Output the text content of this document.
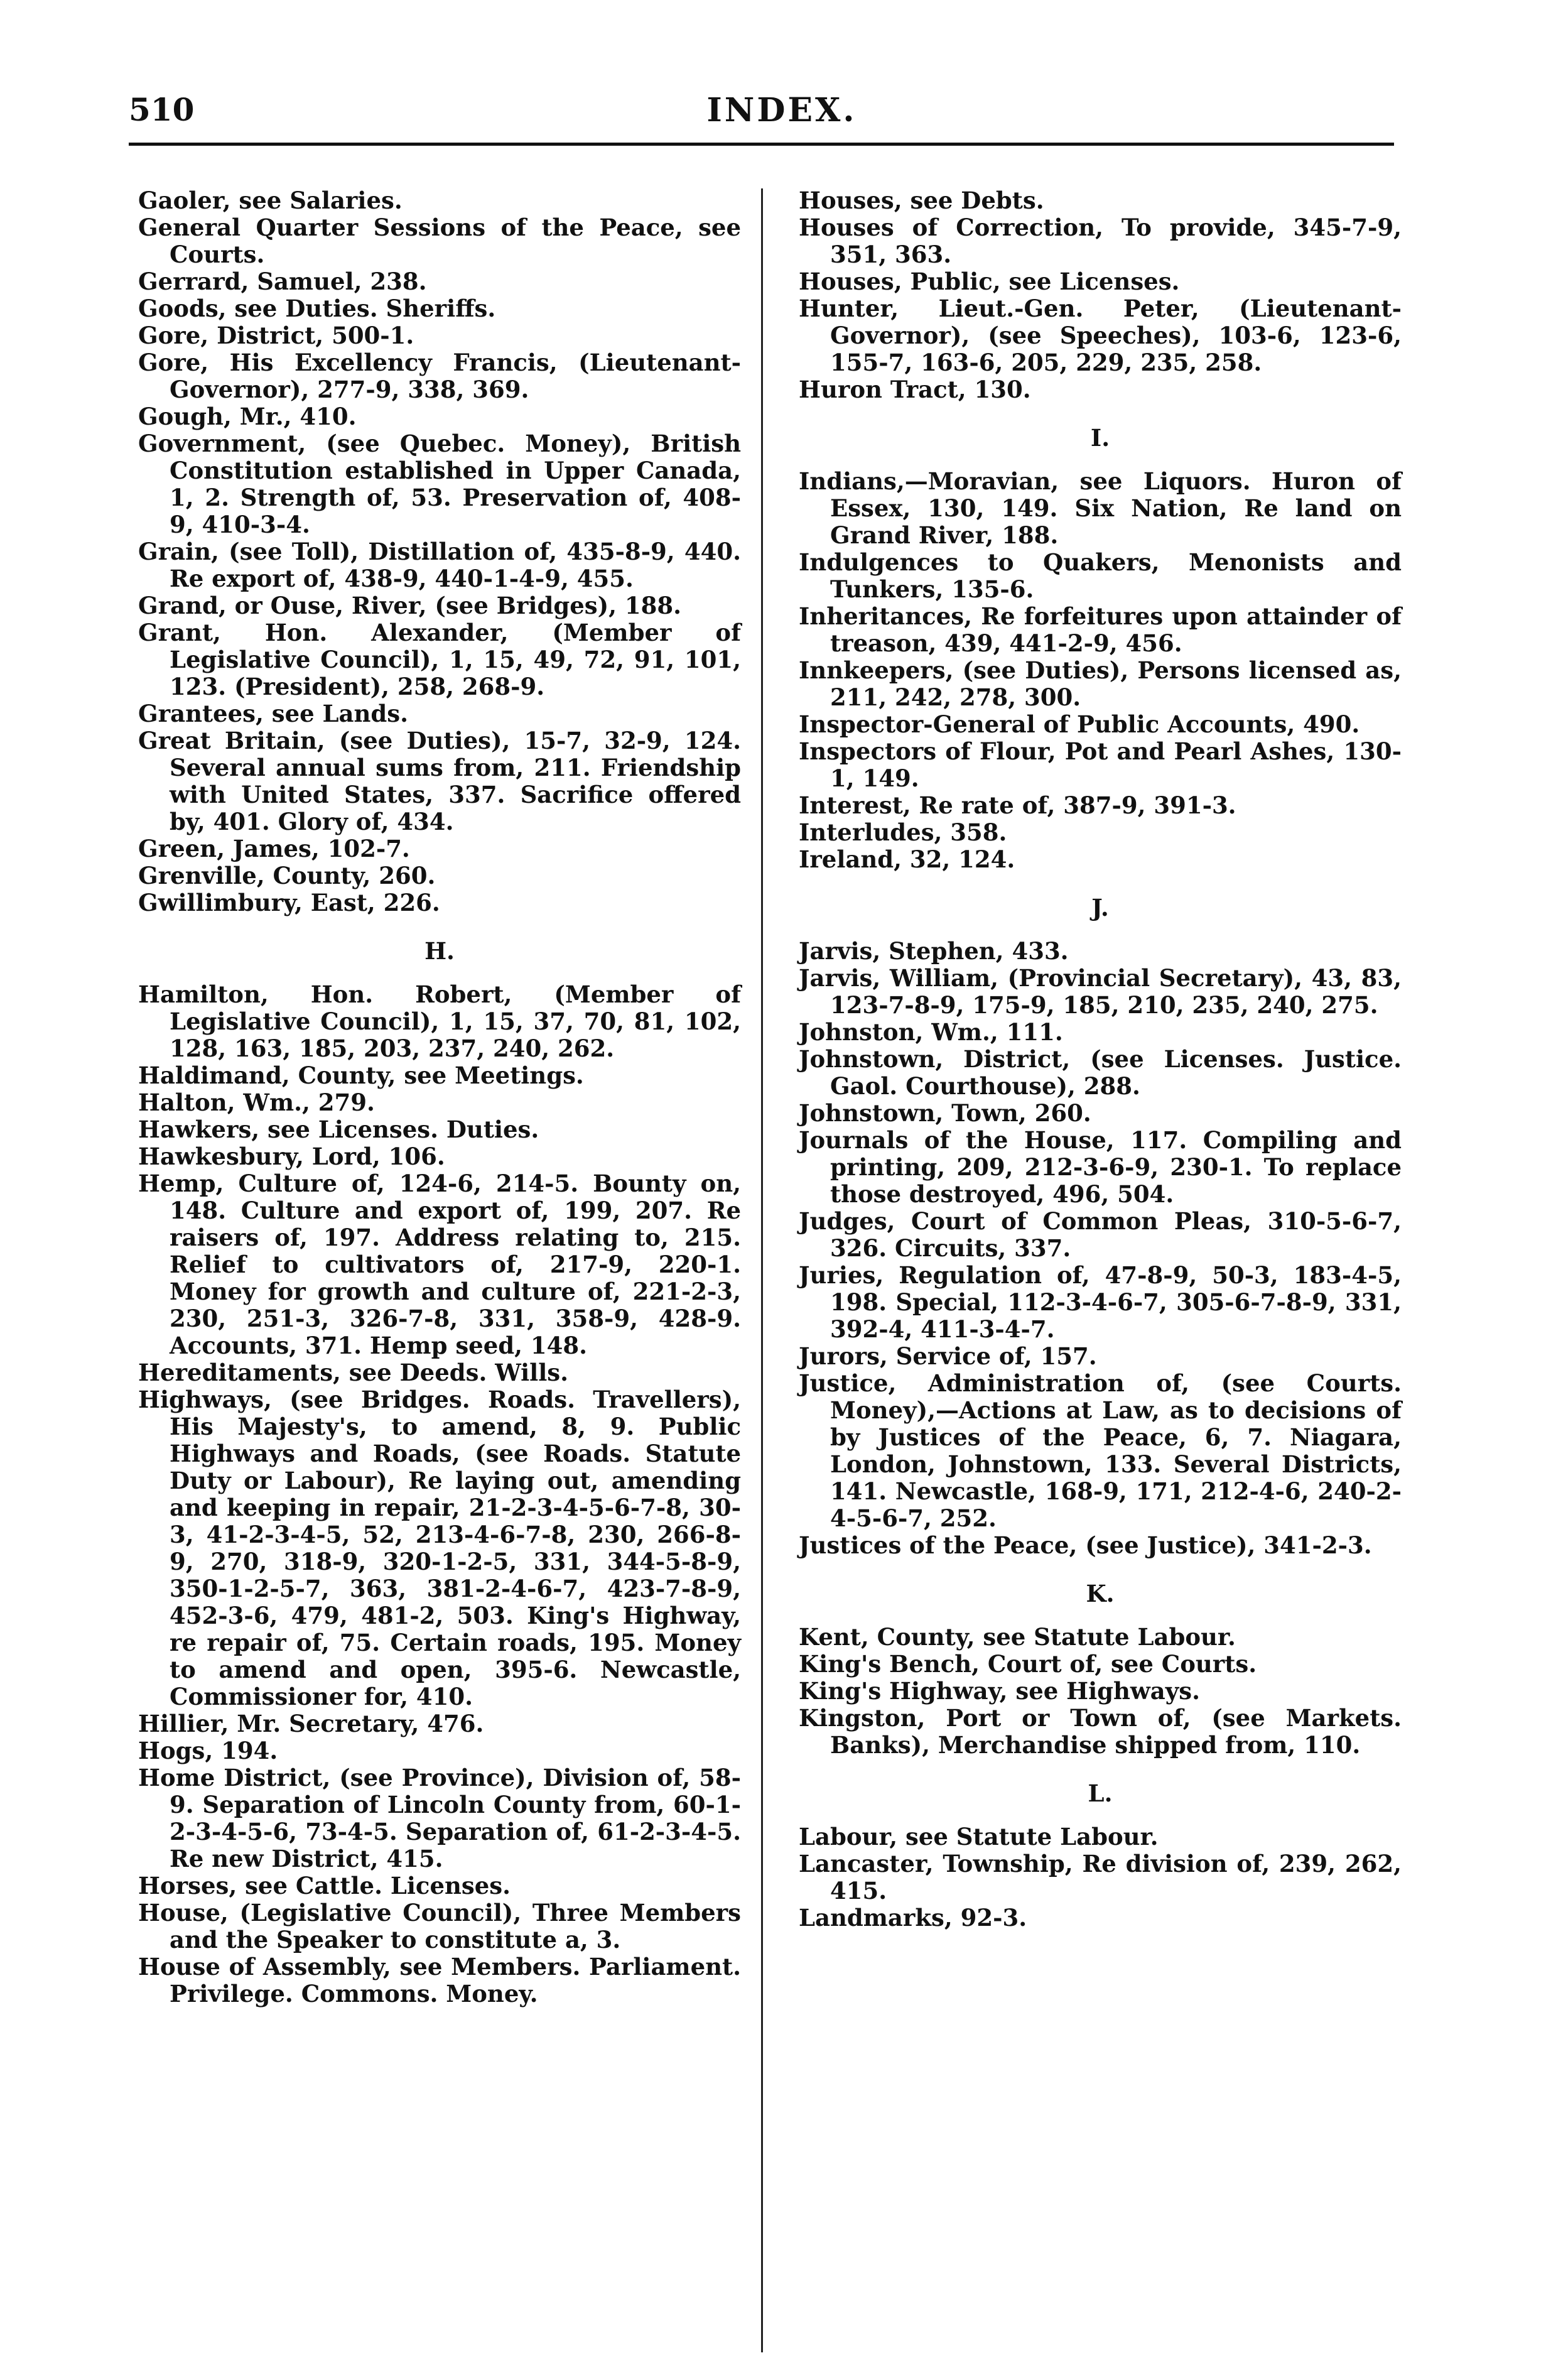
510	INDEX.
Gaoler, see Salaries.
General Quarter Sessions of the Peace, see Courts.
Gerrard, Samuel, 238.
Goods, see Duties. Sheriffs.
Gore, District, 500-1.
Gore, His Excellency Francis, (Lieutenant-Governor), 277-9, 338, 369.
Gough, Mr., 410.
Government, (see Quebec. Money), British Constitution established in Upper Canada, 1, 2. Strength of, 53. Preservation of, 408-9, 410-3-4.
Grain, (see Toll), Distillation of, 435-8-9, 440. Re export of, 438-9, 440-1-4-9, 455.
Grand, or Ouse, River, (see Bridges), 188.
Grant, Hon. Alexander, (Member of Legislative Council), 1, 15, 49, 72, 91, 101, 123. (President), 258, 268-9.
Grantees, see Lands.
Great Britain, (see Duties), 15-7, 32-9, 124. Several annual sums from, 211. Friendship with United States, 337. Sacrifice offered by, 401. Glory of, 434.
Green, James, 102-7.
Grenville, County, 260.
Gwillimbury, East, 226.
H.
Hamilton, Hon. Robert, (Member of Legislative Council), 1, 15, 37, 70, 81, 102, 128, 163, 185, 203, 237, 240, 262.
Haldimand, County, see Meetings.
Halton, Wm., 279.
Hawkers, see Licenses. Duties.
Hawkesbury, Lord, 106.
Hemp, Culture of, 124-6, 214-5. Bounty on, 148. Culture and export of, 199, 207. Re raisers of, 197. Address relating to, 215. Relief to cultivators of, 217-9, 220-1. Money for growth and culture of, 221-2-3, 230, 251-3, 326-7-8, 331, 358-9, 428-9. Accounts, 371. Hemp seed, 148.
Hereditaments, see Deeds. Wills.
Highways, (see Bridges. Roads. Travellers), His Majesty's, to amend, 8, 9. Public Highways and Roads, (see Roads. Statute Duty or Labour), Re laying out, amending and keeping in repair, 21-2-3-4-5-6-7-8, 30-3, 41-2-3-4-5, 52, 213-4-6-7-8, 230, 266-8-9, 270, 318-9, 320-1-2-5, 331, 344-5-8-9, 350-1-2-5-7, 363, 381-2-4-6-7, 423-7-8-9, 452-3-6, 479, 481-2, 503. King's Highway, re repair of, 75. Certain roads, 195. Money to amend and open, 395-6. Newcastle, Commissioner for, 410.
Hillier, Mr. Secretary, 476.
Hogs, 194.
Home District, (see Province), Division of, 58-9. Separation of Lincoln County from, 60-1-2-3-4-5-6, 73-4-5. Separation of, 61-2-3-4-5. Re new District, 415.
Horses, see Cattle. Licenses.
House, (Legislative Council), Three Members and the Speaker to constitute a, 3.
House of Assembly, see Members. Parliament. Privilege. Commons. Money.
Houses, see Debts.
Houses of Correction, To provide, 345-7-9, 351, 363.
Houses, Public, see Licenses.
Hunter, Lieut.-Gen. Peter, (Lieutenant-Governor), (see Speeches), 103-6, 123-6, 155-7, 163-6, 205, 229, 235, 258.
Huron Tract, 130.
I.
Indians,—Moravian, see Liquors. Huron of Essex, 130, 149. Six Nation, Re land on Grand River, 188.
Indulgences to Quakers, Menonists and Tunkers, 135-6.
Inheritances, Re forfeitures upon attainder of treason, 439, 441-2-9, 456.
Innkeepers, (see Duties), Persons licensed as, 211, 242, 278, 300.
Inspector-General of Public Accounts, 490.
Inspectors of Flour, Pot and Pearl Ashes, 130-1, 149.
Interest, Re rate of, 387-9, 391-3.
Interludes, 358.
Ireland, 32, 124.
J.
Jarvis, Stephen, 433.
Jarvis, William, (Provincial Secretary), 43, 83, 123-7-8-9, 175-9, 185, 210, 235, 240, 275.
Johnston, Wm., 111.
Johnstown, District, (see Licenses. Justice. Gaol. Courthouse), 288.
Johnstown, Town, 260.
Journals of the House, 117. Compiling and printing, 209, 212-3-6-9, 230-1. To replace those destroyed, 496, 504.
Judges, Court of Common Pleas, 310-5-6-7, 326. Circuits, 337.
Juries, Regulation of, 47-8-9, 50-3, 183-4-5, 198. Special, 112-3-4-6-7, 305-6-7-8-9, 331, 392-4, 411-3-4-7.
Jurors, Service of, 157.
Justice, Administration of, (see Courts. Money),—Actions at Law, as to decisions of by Justices of the Peace, 6, 7. Niagara, London, Johnstown, 133. Several Districts, 141. Newcastle, 168-9, 171, 212-4-6, 240-2-4-5-6-7, 252.
Justices of the Peace, (see Justice), 341-2-3.
K.
Kent, County, see Statute Labour.
King's Bench, Court of, see Courts.
King's Highway, see Highways.
Kingston, Port or Town of, (see Markets. Banks), Merchandise shipped from, 110.
L.
Labour, see Statute Labour.
Lancaster, Township, Re division of, 239, 262, 415.
Landmarks, 92-3.
